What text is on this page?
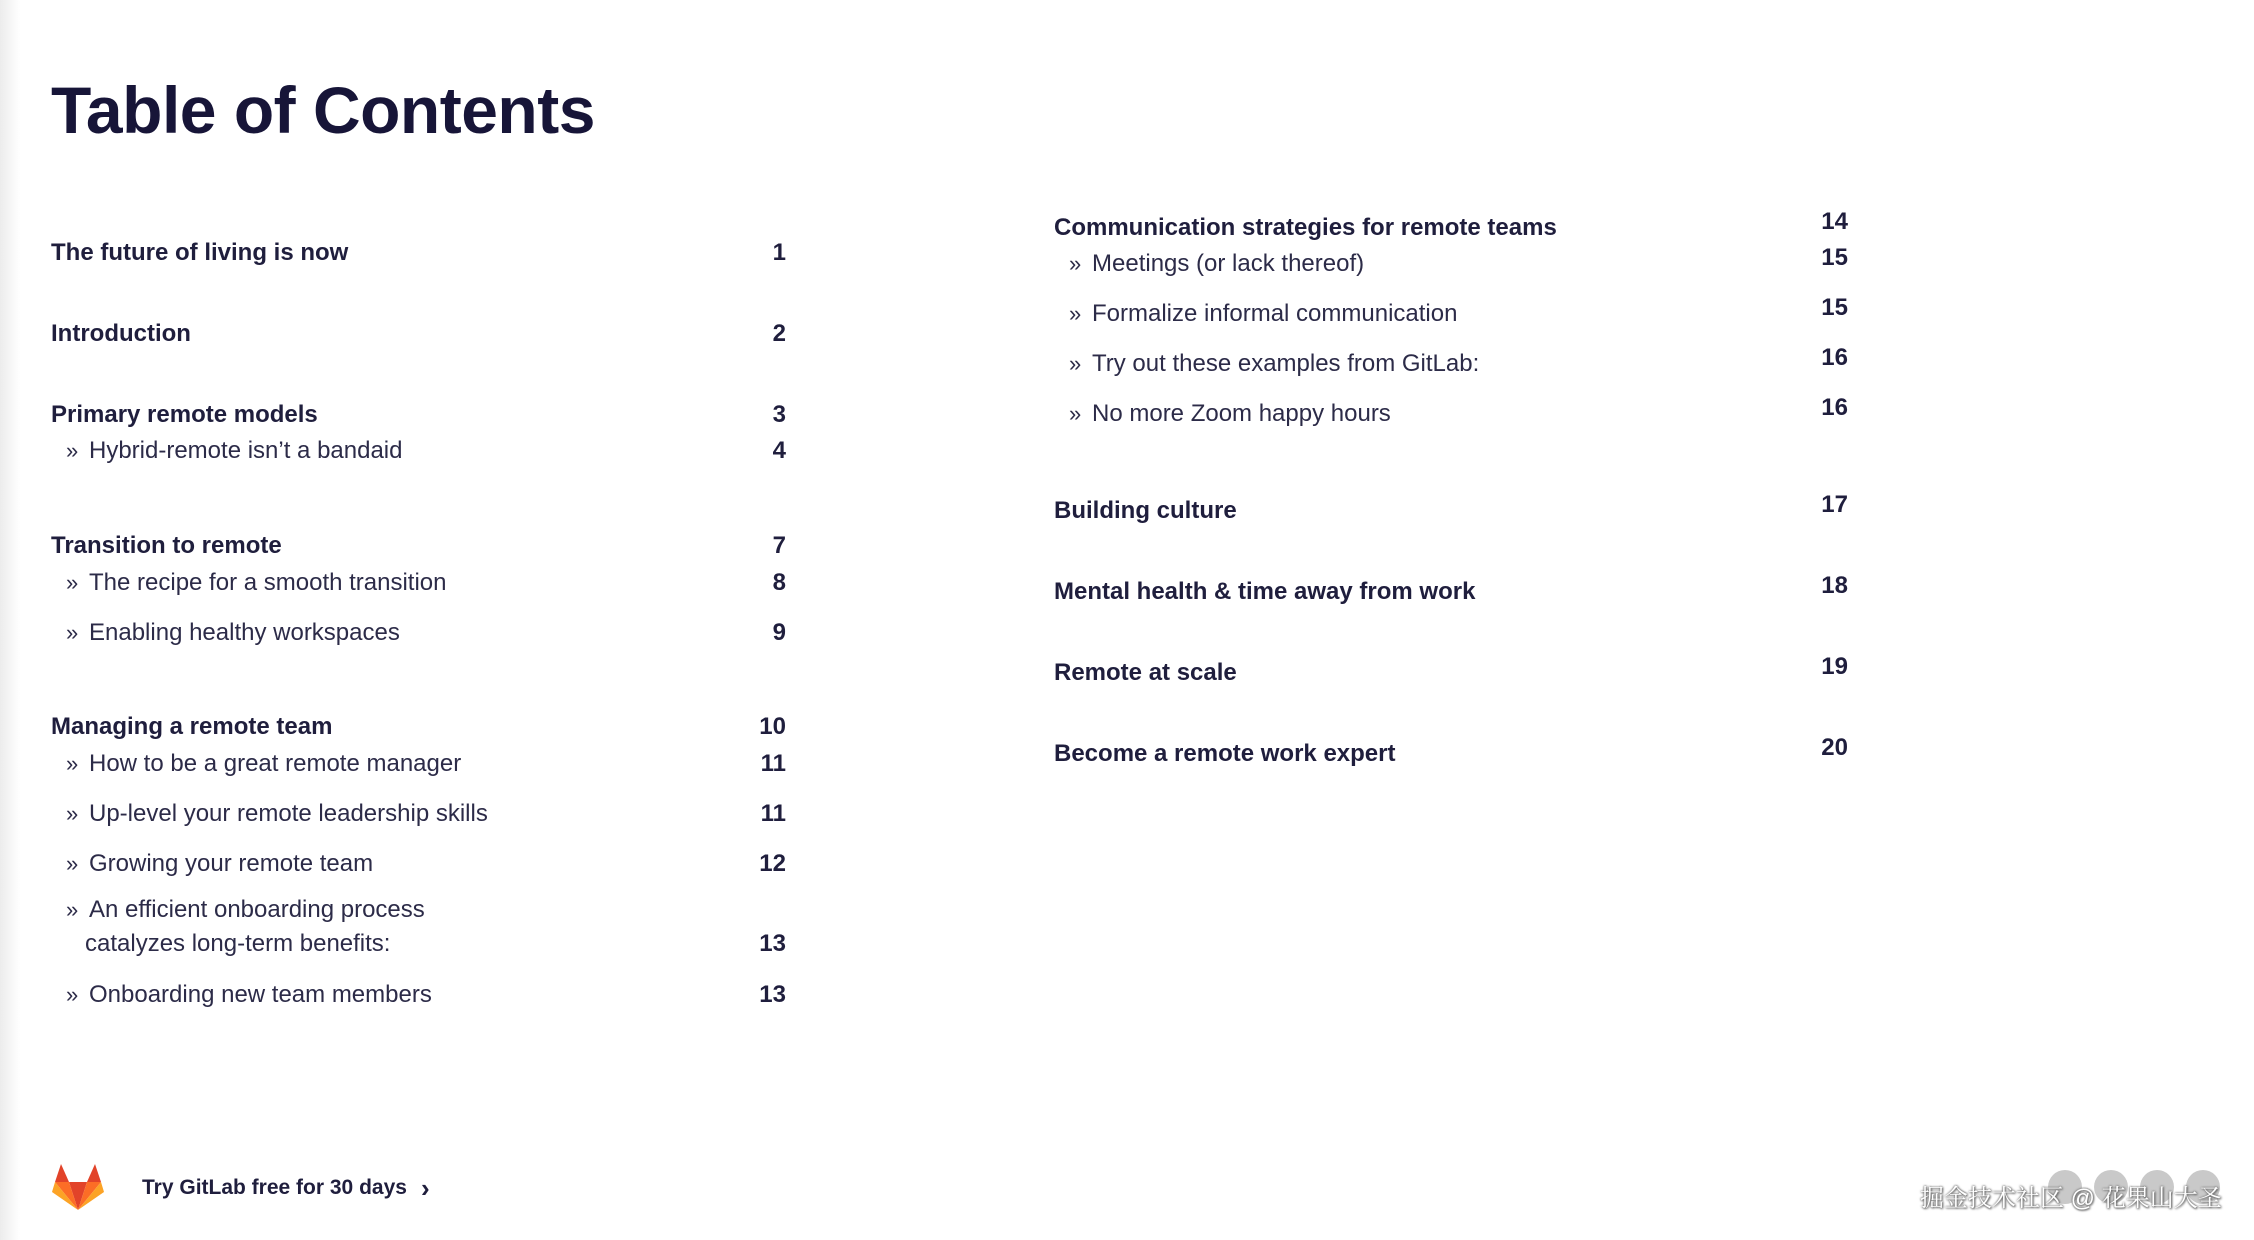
Table of Contents
The future of living is now	1
Introduction	2
Primary remote models	3
» Hybrid-remote isn’t a bandaid	4
Transition to remote	7
» The recipe for a smooth transition	8
» Enabling healthy workspaces	9
Managing a remote team	10
» How to be a great remote manager	11
» Up-level your remote leadership skills	11
» Growing your remote team	12
» An efficient onboarding process
catalyzes long-term benefits:	13
» Onboarding new team members	13
Communication strategies for remote teams	14
» Meetings (or lack thereof)	15
» Formalize informal communication	15
» Try out these examples from GitLab:	16
» No more Zoom happy hours	16
Building culture	17
Mental health & time away from work	18
Remote at scale	19
Become a remote work expert	20
Try GitLab free for 30 days ›	掘金技术社区 @ 花果山大圣
